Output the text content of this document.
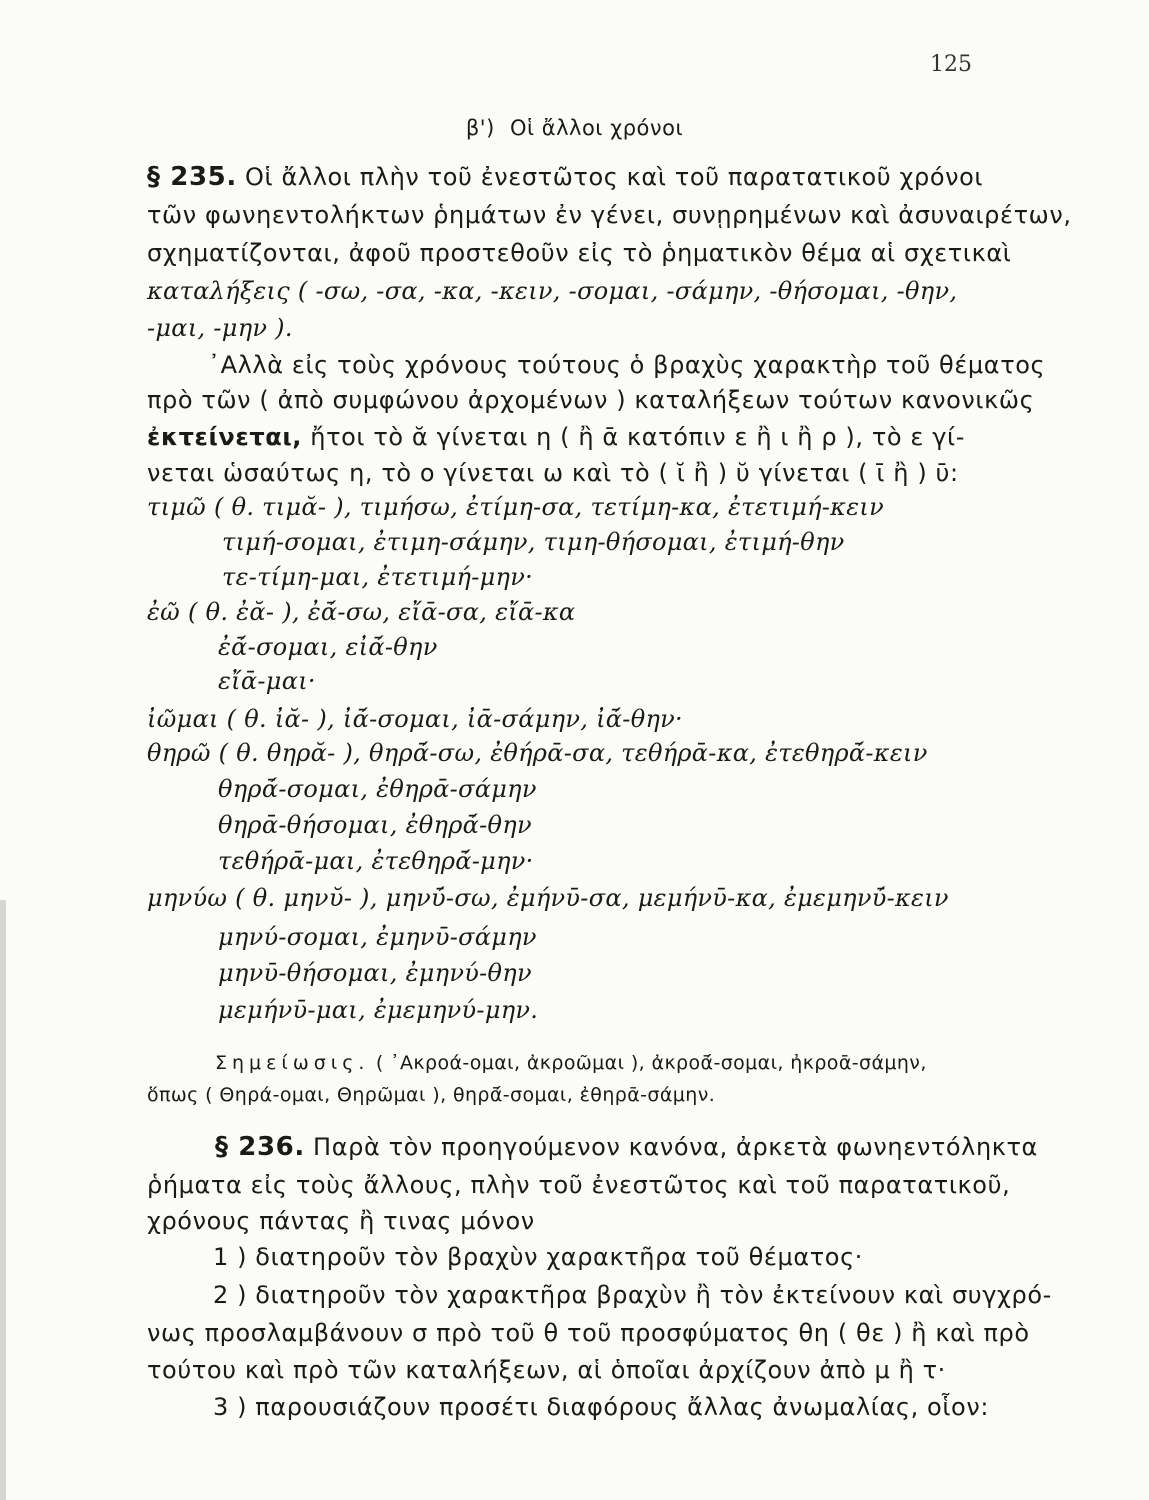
125
β') Οἱ ἄλλοι χρόνοι
§ 235. Οἱ ἄλλοι πλὴν τοῦ ἐνεστῶτος καὶ τοῦ παρατατικοῦ χρόνοι
τῶν φωνηεντολήκτων ῥημάτων ἐν γένει, συνῃρημένων καὶ ἀσυναιρέτων,
σχηματίζονται, ἀφοῦ προστεθοῦν εἰς τὸ ῥηματικὸν θέμα αἱ σχετικαὶ
καταλήξεις ( -σω, -σα, -κα, -κειν, -σομαι, -σάμην, -θήσομαι, -θην,
-μαι, -μην ).
᾿Αλλὰ εἰς τοὺς χρόνους τούτους ὁ βραχὺς χαρακτὴρ τοῦ θέματος
πρὸ τῶν ( ἀπὸ συμφώνου ἀρχομένων ) καταλήξεων τούτων κανονικῶς
ἐκτείνεται, ἤτοι τὸ ᾰ γίνεται η ( ἢ ᾱ κατόπιν ε ἢ ι ἢ ρ ), τὸ ε γί-
νεται ὡσαύτως η, τὸ ο γίνεται ω καὶ τὸ ( ῐ ἢ ) ῠ γίνεται ( ῑ ἢ ) ῡ:
τιμῶ ( θ. τιμᾰ- ), τιμήσω, ἐτίμη-σα, τετίμη-κα, ἐτετιμή-κειν
τιμή-σομαι, ἐτιμη-σάμην, τιμη-θήσομαι, ἐτιμή-θην
τε-τίμη-μαι, ἐτετιμή-μην·
ἐῶ ( θ. ἐᾰ- ), ἐᾱ́-σω, εἴᾱ-σα, εἴᾱ-κα
ἐᾱ́-σομαι, εἰᾱ́-θην
εἴᾱ-μαι·
ἰῶμαι ( θ. ἰᾰ- ), ἰᾱ́-σομαι, ἰᾱ-σάμην, ἰᾱ́-θην·
θηρῶ ( θ. θηρᾰ- ), θηρᾱ́-σω, ἐθήρᾱ-σα, τεθήρᾱ-κα, ἐτεθηρᾱ́-κειν
θηρᾱ́-σομαι, ἐθηρᾱ-σάμην
θηρᾱ-θήσομαι, ἐθηρᾱ́-θην
τεθήρᾱ-μαι, ἐτεθηρᾱ́-μην·
μηνύω ( θ. μηνῠ- ), μηνῡ́-σω, ἐμήνῡ-σα, μεμήνῡ-κα, ἐμεμηνῡ́-κειν
μηνύ-σομαι, ἐμηνῡ-σάμην
μηνῡ-θήσομαι, ἐμηνύ-θην
μεμήνῡ-μαι, ἐμεμηνύ-μην.
Σημείωσις. ( ᾿Ακροά-ομαι, ἀκροῶμαι ), ἀκροᾱ́-σομαι, ἠκροᾱ-σάμην,
ὅπως ( Θηρά-ομαι, Θηρῶμαι ), θηρᾱ́-σομαι, ἐθηρᾱ-σάμην.
§ 236. Παρὰ τὸν προηγούμενον κανόνα, ἀρκετὰ φωνηεντόληκτα
ῥήματα εἰς τοὺς ἄλλους, πλὴν τοῦ ἐνεστῶτος καὶ τοῦ παρατατικοῦ,
χρόνους πάντας ἢ τινας μόνον
1 ) διατηροῦν τὸν βραχὺν χαρακτῆρα τοῦ θέματος·
2 ) διατηροῦν τὸν χαρακτῆρα βραχὺν ἢ τὸν ἐκτείνουν καὶ συγχρό-
νως προσλαμβάνουν σ πρὸ τοῦ θ τοῦ προσφύματος θη ( θε ) ἢ καὶ πρὸ
τούτου καὶ πρὸ τῶν καταλήξεων, αἱ ὁποῖαι ἀρχίζουν ἀπὸ μ ἢ τ·
3 ) παρουσιάζουν προσέτι διαφόρους ἄλλας ἀνωμαλίας, οἷον:
